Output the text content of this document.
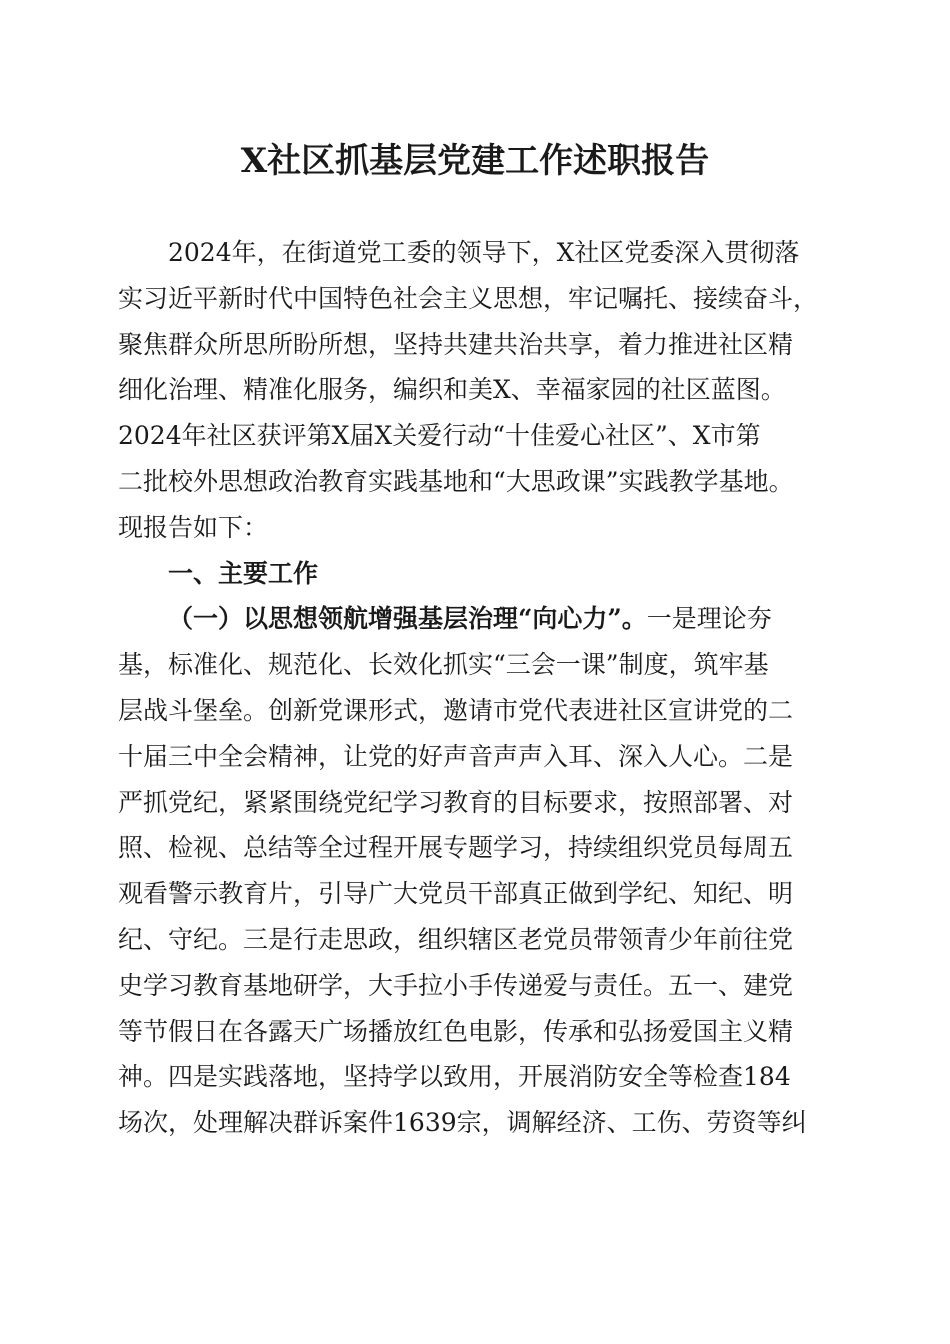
X社区抓基层党建工作述职报告
2024年，在街道党工委的领导下，X社区党委深入贯彻落
实习近平新时代中国特色社会主义思想，牢记嘱托、接续奋斗，
聚焦群众所思所盼所想，坚持共建共治共享，着力推进社区精
细化治理、精准化服务，编织和美X、幸福家园的社区蓝图。
2024年社区获评第X届X关爱行动“十佳爱心社区”、X市第
二批校外思想政治教育实践基地和“大思政课”实践教学基地。
现报告如下：
一、主要工作
（一）以思想领航增强基层治理“向心力”。一是理论夯
基，标准化、规范化、长效化抓实“三会一课”制度，筑牢基
层战斗堡垒。创新党课形式，邀请市党代表进社区宣讲党的二
十届三中全会精神，让党的好声音声声入耳、深入人心。二是
严抓党纪，紧紧围绕党纪学习教育的目标要求，按照部署、对
照、检视、总结等全过程开展专题学习，持续组织党员每周五
观看警示教育片，引导广大党员干部真正做到学纪、知纪、明
纪、守纪。三是行走思政，组织辖区老党员带领青少年前往党
史学习教育基地研学，大手拉小手传递爱与责任。五一、建党
等节假日在各露天广场播放红色电影，传承和弘扬爱国主义精
神。四是实践落地，坚持学以致用，开展消防安全等检查184
场次，处理解决群诉案件1639宗，调解经济、工伤、劳资等纠
